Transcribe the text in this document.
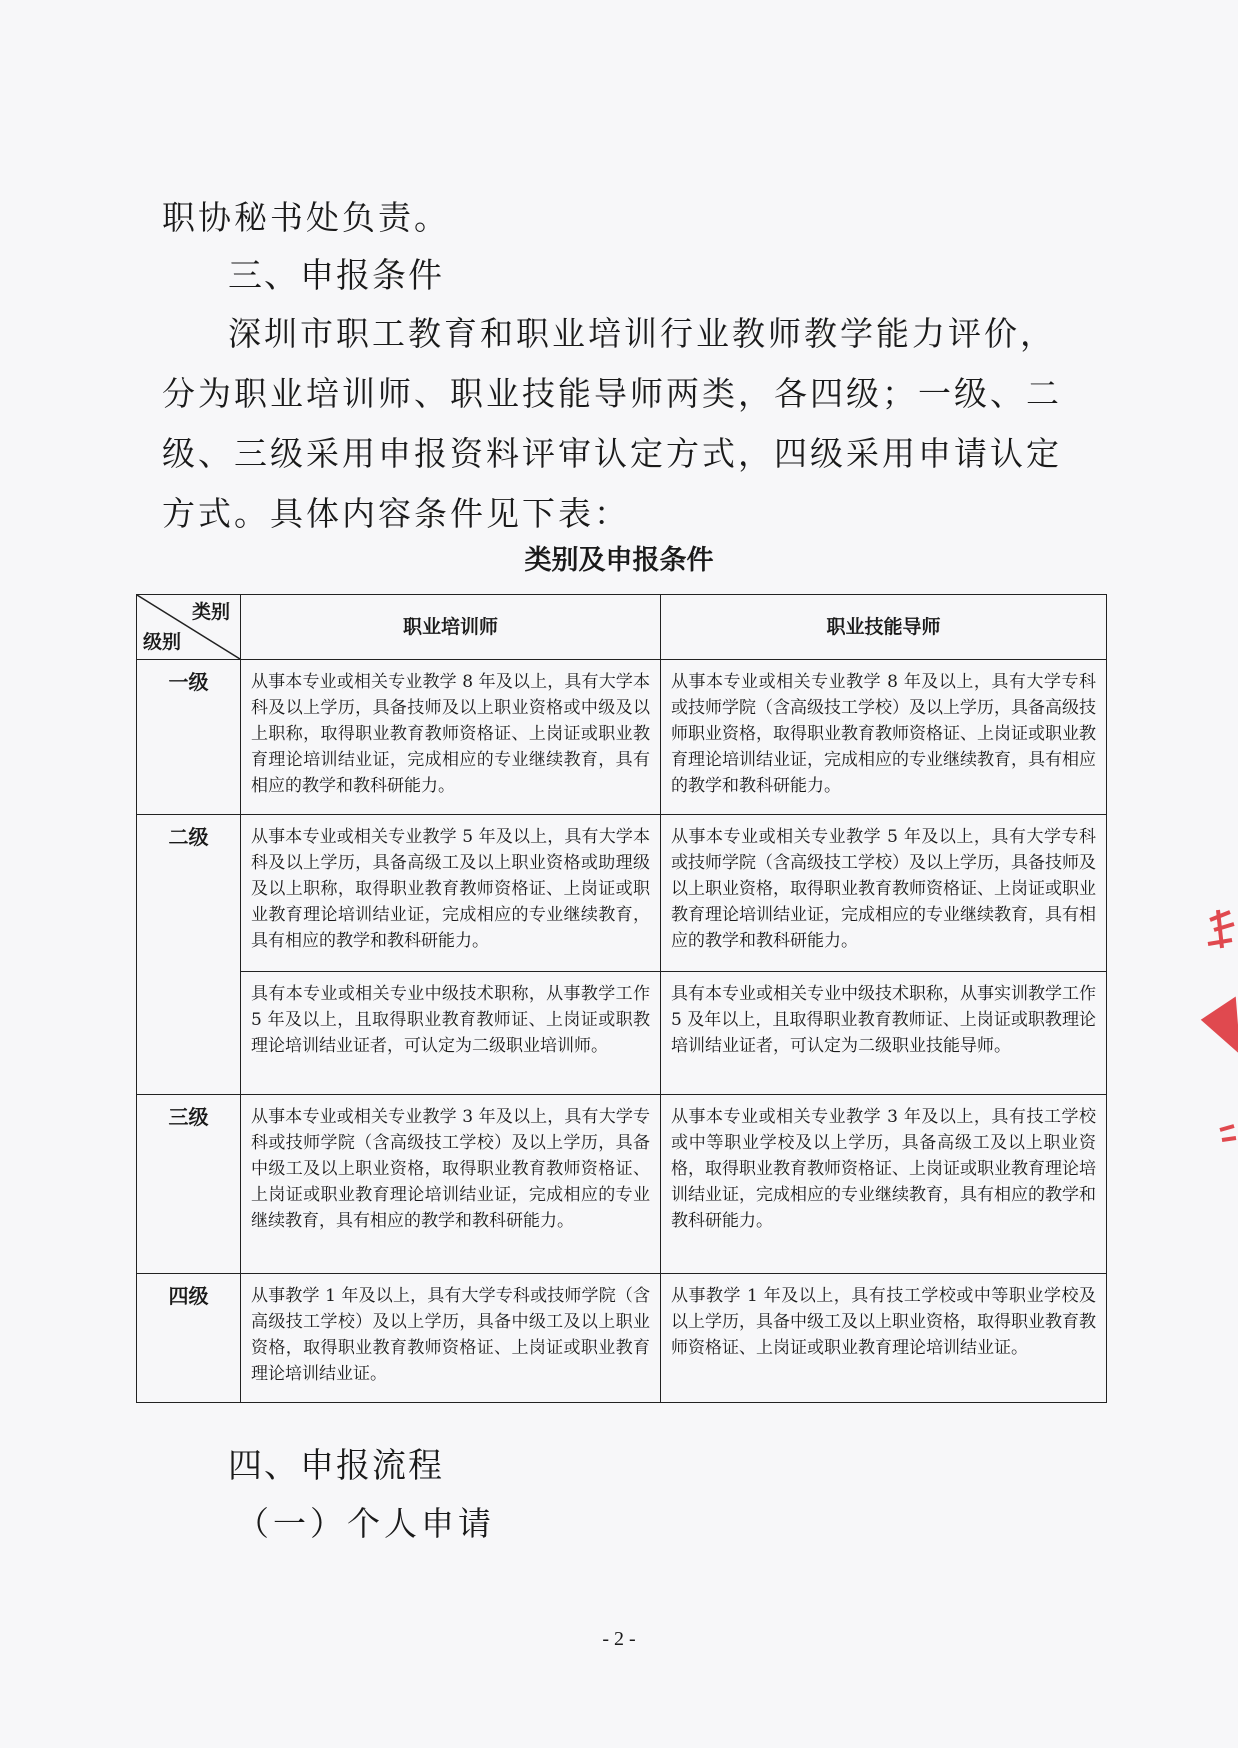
职协秘书处负责。
三、申报条件
深圳市职工教育和职业培训行业教师教学能力评价，分为职业培训师、职业技能导师两类，各四级；一级、二级、三级采用申报资料评审认定方式，四级采用申请认定方式。具体内容条件见下表：
类别及申报条件
类别
级别	职业培训师	职业技能导师
一级	从事本专业或相关专业教学 8 年及以上，具有大学本科及以上学历，具备技师及以上职业资格或中级及以上职称，取得职业教育教师资格证、上岗证或职业教育理论培训结业证，完成相应的专业继续教育，具有相应的教学和教科研能力。	从事本专业或相关专业教学 8 年及以上，具有大学专科或技师学院（含高级技工学校）及以上学历，具备高级技师职业资格，取得职业教育教师资格证、上岗证或职业教育理论培训结业证，完成相应的专业继续教育，具有相应的教学和教科研能力。
二级	从事本专业或相关专业教学 5 年及以上，具有大学本科及以上学历，具备高级工及以上职业资格或助理级及以上职称，取得职业教育教师资格证、上岗证或职业教育理论培训结业证，完成相应的专业继续教育，具有相应的教学和教科研能力。	从事本专业或相关专业教学 5 年及以上，具有大学专科或技师学院（含高级技工学校）及以上学历，具备技师及以上职业资格，取得职业教育教师资格证、上岗证或职业教育理论培训结业证，完成相应的专业继续教育，具有相应的教学和教科研能力。
	具有本专业或相关专业中级技术职称，从事教学工作 5 年及以上，且取得职业教育教师证、上岗证或职教理论培训结业证者，可认定为二级职业培训师。	具有本专业或相关专业中级技术职称，从事实训教学工作 5 及年以上，且取得职业教育教师证、上岗证或职教理论培训结业证者，可认定为二级职业技能导师。
三级	从事本专业或相关专业教学 3 年及以上，具有大学专科或技师学院（含高级技工学校）及以上学历，具备中级工及以上职业资格，取得职业教育教师资格证、上岗证或职业教育理论培训结业证，完成相应的专业继续教育，具有相应的教学和教科研能力。	从事本专业或相关专业教学 3 年及以上，具有技工学校或中等职业学校及以上学历，具备高级工及以上职业资格，取得职业教育教师资格证、上岗证或职业教育理论培训结业证，完成相应的专业继续教育，具有相应的教学和教科研能力。
四级	从事教学 1 年及以上，具有大学专科或技师学院（含高级技工学校）及以上学历，具备中级工及以上职业资格，取得职业教育教师资格证、上岗证或职业教育理论培训结业证。	从事教学 1 年及以上，具有技工学校或中等职业学校及以上学历，具备中级工及以上职业资格，取得职业教育教师资格证、上岗证或职业教育理论培训结业证。
四、申报流程
（一）个人申请
- 2 -
